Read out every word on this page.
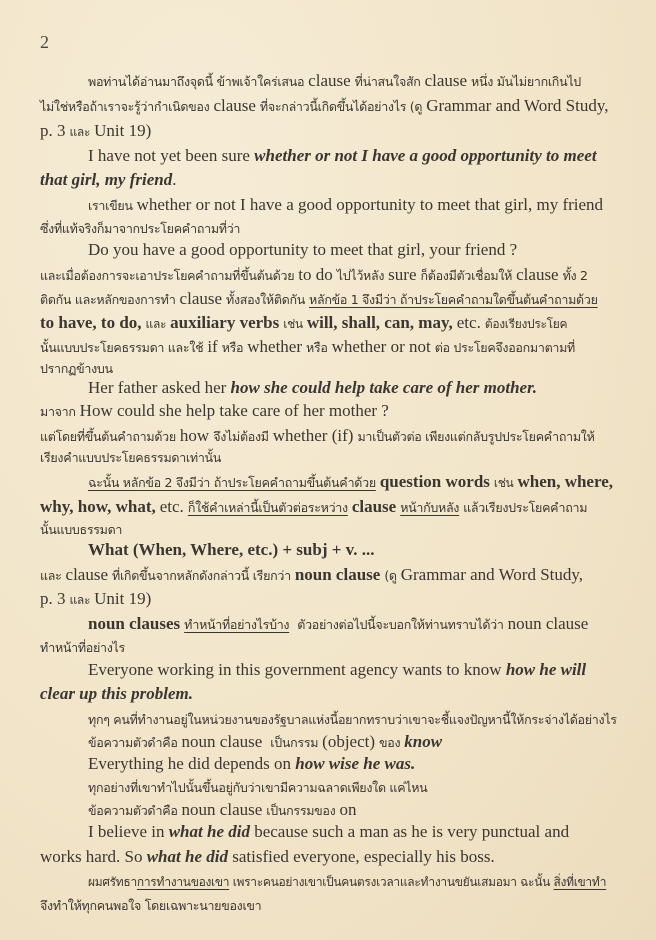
2
พอท่านได้อ่านมาถึงจุดนี้ ข้าพเจ้าใคร่เสนอ clause ที่น่าสนใจสัก clause หนึ่ง มันไม่ยากเกินไป
ไม่ใช่หรือถ้าเราจะรู้ว่ากำเนิดของ clause ที่จะกล่าวนี้เกิดขึ้นได้อย่างไร (ดู Grammar and Word Study,
p. 3 และ Unit 19)
I have not yet been sure whether or not I have a good opportunity to meet
that girl, my friend.
เราเขียน whether or not I have a good opportunity to meet that girl, my friend
ซึ่งที่แท้จริงก็มาจากประโยคคำถามที่ว่า
Do you have a good opportunity to meet that girl, your friend ?
และเมื่อต้องการจะเอาประโยคคำถามที่ขึ้นต้นด้วย to do ไปไว้หลัง sure ก็ต้องมีตัวเชื่อมให้ clause ทั้ง 2
ติดกัน และหลักของการทำ clause ทั้งสองให้ติดกัน หลักข้อ 1 จึงมีว่า ถ้าประโยคคำถามใดขึ้นต้นคำถามด้วย
to have, to do, และ auxiliary verbs เช่น will, shall, can, may, etc. ต้องเรียงประโยค
นั้นแบบประโยคธรรมดา และใช้ if หรือ whether หรือ whether or not ต่อ ประโยคจึงออกมาตามที่
ปรากฏข้างบน
Her father asked her how she could help take care of her mother.
มาจาก How could she help take care of her mother ?
แต่โดยที่ขึ้นต้นคำถามด้วย how จึงไม่ต้องมี whether (if) มาเป็นตัวต่อ เพียงแต่กลับรูปประโยคคำถามให้
เรียงคำแบบประโยคธรรมดาเท่านั้น
ฉะนั้น หลักข้อ 2 จึงมีว่า ถ้าประโยคคำถามขึ้นต้นคำด้วย question words เช่น when, where,
why, how, what, etc. ก็ใช้คำเหล่านี้เป็นตัวต่อระหว่าง clause หน้ากับหลัง แล้วเรียงประโยคคำถาม
นั้นแบบธรรมดา
What (When, Where, etc.) + subj + v. ...
และ clause ที่เกิดขึ้นจากหลักดังกล่าวนี้ เรียกว่า noun clause (ดู Grammar and Word Study,
p. 3 และ Unit 19)
noun clauses ทำหน้าที่อย่างไรบ้าง ตัวอย่างต่อไปนี้จะบอกให้ท่านทราบได้ว่า noun clause
ทำหน้าที่อย่างไร
Everyone working in this government agency wants to know how he will
clear up this problem.
ทุกๆ คนที่ทำงานอยู่ในหน่วยงานของรัฐบาลแห่งนี้อยากทราบว่าเขาจะชี้แจงปัญหานี้ให้กระจ่างได้อย่างไร
ข้อความตัวดำคือ noun clause เป็นกรรม (object) ของ know
Everything he did depends on how wise he was.
ทุกอย่างที่เขาทำไปนั้นขึ้นอยู่กับว่าเขามีความฉลาดเพียงใด แค่ไหน
ข้อความตัวดำคือ noun clause เป็นกรรมของ on
I believe in what he did because such a man as he is very punctual and
works hard. So what he did satisfied everyone, especially his boss.
ผมศรัทธาการทำงานของเขา เพราะคนอย่างเขาเป็นคนตรงเวลาและทำงานขยันเสมอมา ฉะนั้น สิ่งที่เขาทำ
จึงทำให้ทุกคนพอใจ โดยเฉพาะนายของเขา
